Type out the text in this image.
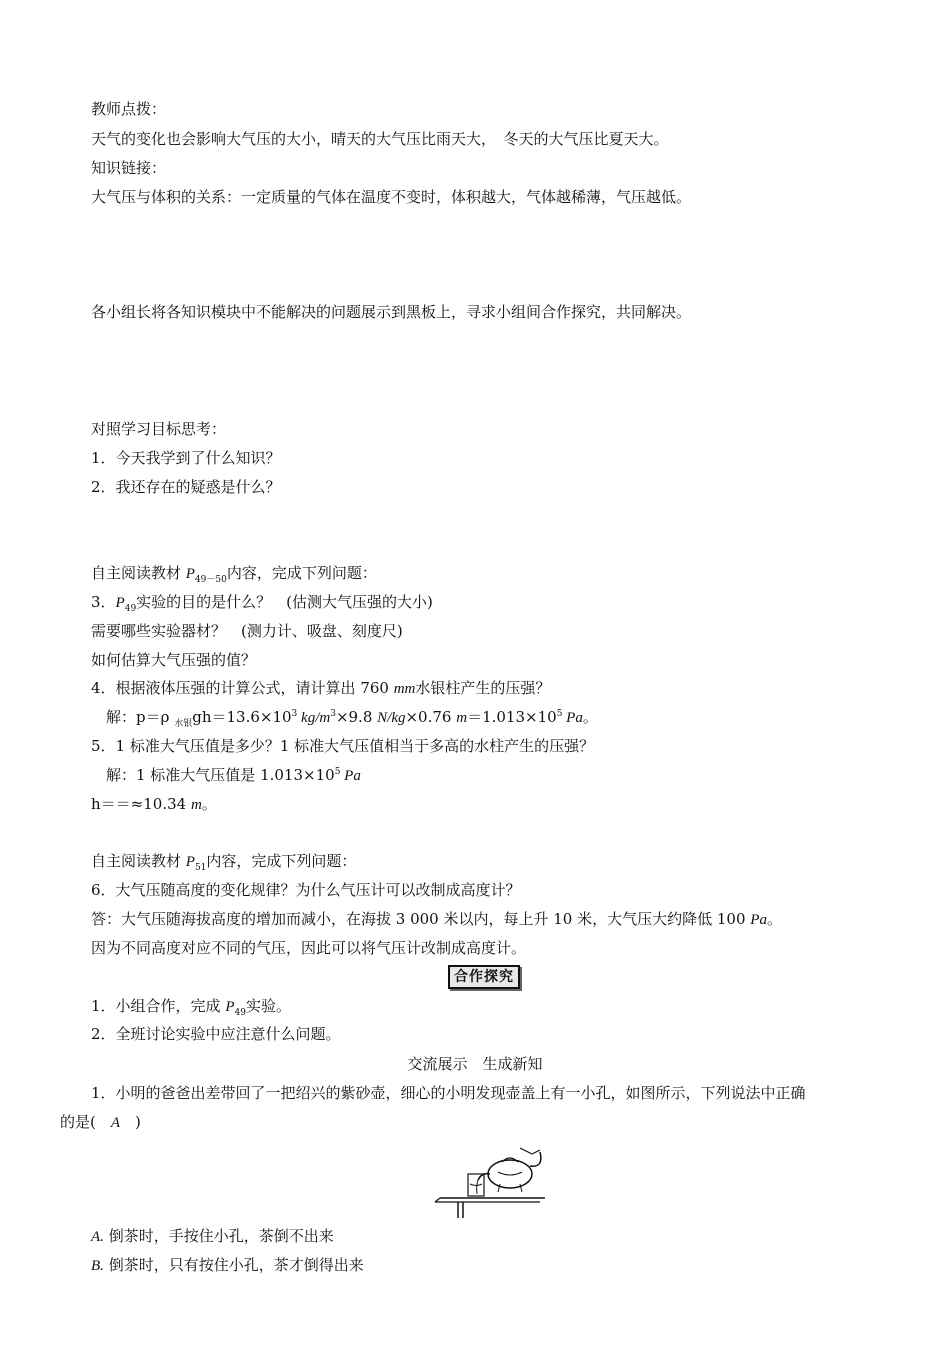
教师点拨：
天气的变化也会影响大气压的大小，晴天的大气压比雨天大，　冬天的大气压比夏天大。
知识链接：
大气压与体积的关系：一定质量的气体在温度不变时，体积越大，气体越稀薄，气压越低。
各小组长将各知识模块中不能解决的问题展示到黑板上，寻求小组间合作探究，共同解决。
对照学习目标思考：
1．今天我学到了什么知识？
2．我还存在的疑惑是什么？
自主阅读教材 $P_{49-50}$内容，完成下列问题：
3．$P_{49}$实验的目的是什么？　(估测大气压强的大小)
需要哪些实验器材？　(测力计、吸盘、刻度尺)
如何估算大气压强的值？
4．根据液体压强的计算公式，请计算出 760 mm水银柱产生的压强？
解：p＝ρ $_{水银}gh=13.6\times 10^3$ $kg/m^3\times 9.8$ N/kg×0.76 $m=1.013\times 10^5$ Pa。
5．1 标准大气压值是多少？1 标准大气压值相当于多高的水柱产生的压强？
解：1 标准大气压值是 $1.013\times 10^5$ Pa
h＝＝≈10.34 m。
自主阅读教材 $P_{51}$内容，完成下列问题：
6．大气压随高度的变化规律？为什么气压计可以改制成高度计？
答：大气压随海拔高度的增加而减小，在海拔 3 000 米以内，每上升 10 米，大气压大约降低 100 Pa。
因为不同高度对应不同的气压，因此可以将气压计改制成高度计。
合作探究
1．小组合作，完成 $P_{49}$实验。
2．全班讨论实验中应注意什么问题。
交流展示　生成新知
1．小明的爸爸出差带回了一把绍兴的紫砂壶，细心的小明发现壶盖上有一小孔，如图所示，下列说法中正确
的是(　A　)
A. 倒茶时，手按住小孔，茶倒不出来
B. 倒茶时，只有按住小孔，茶才倒得出来
